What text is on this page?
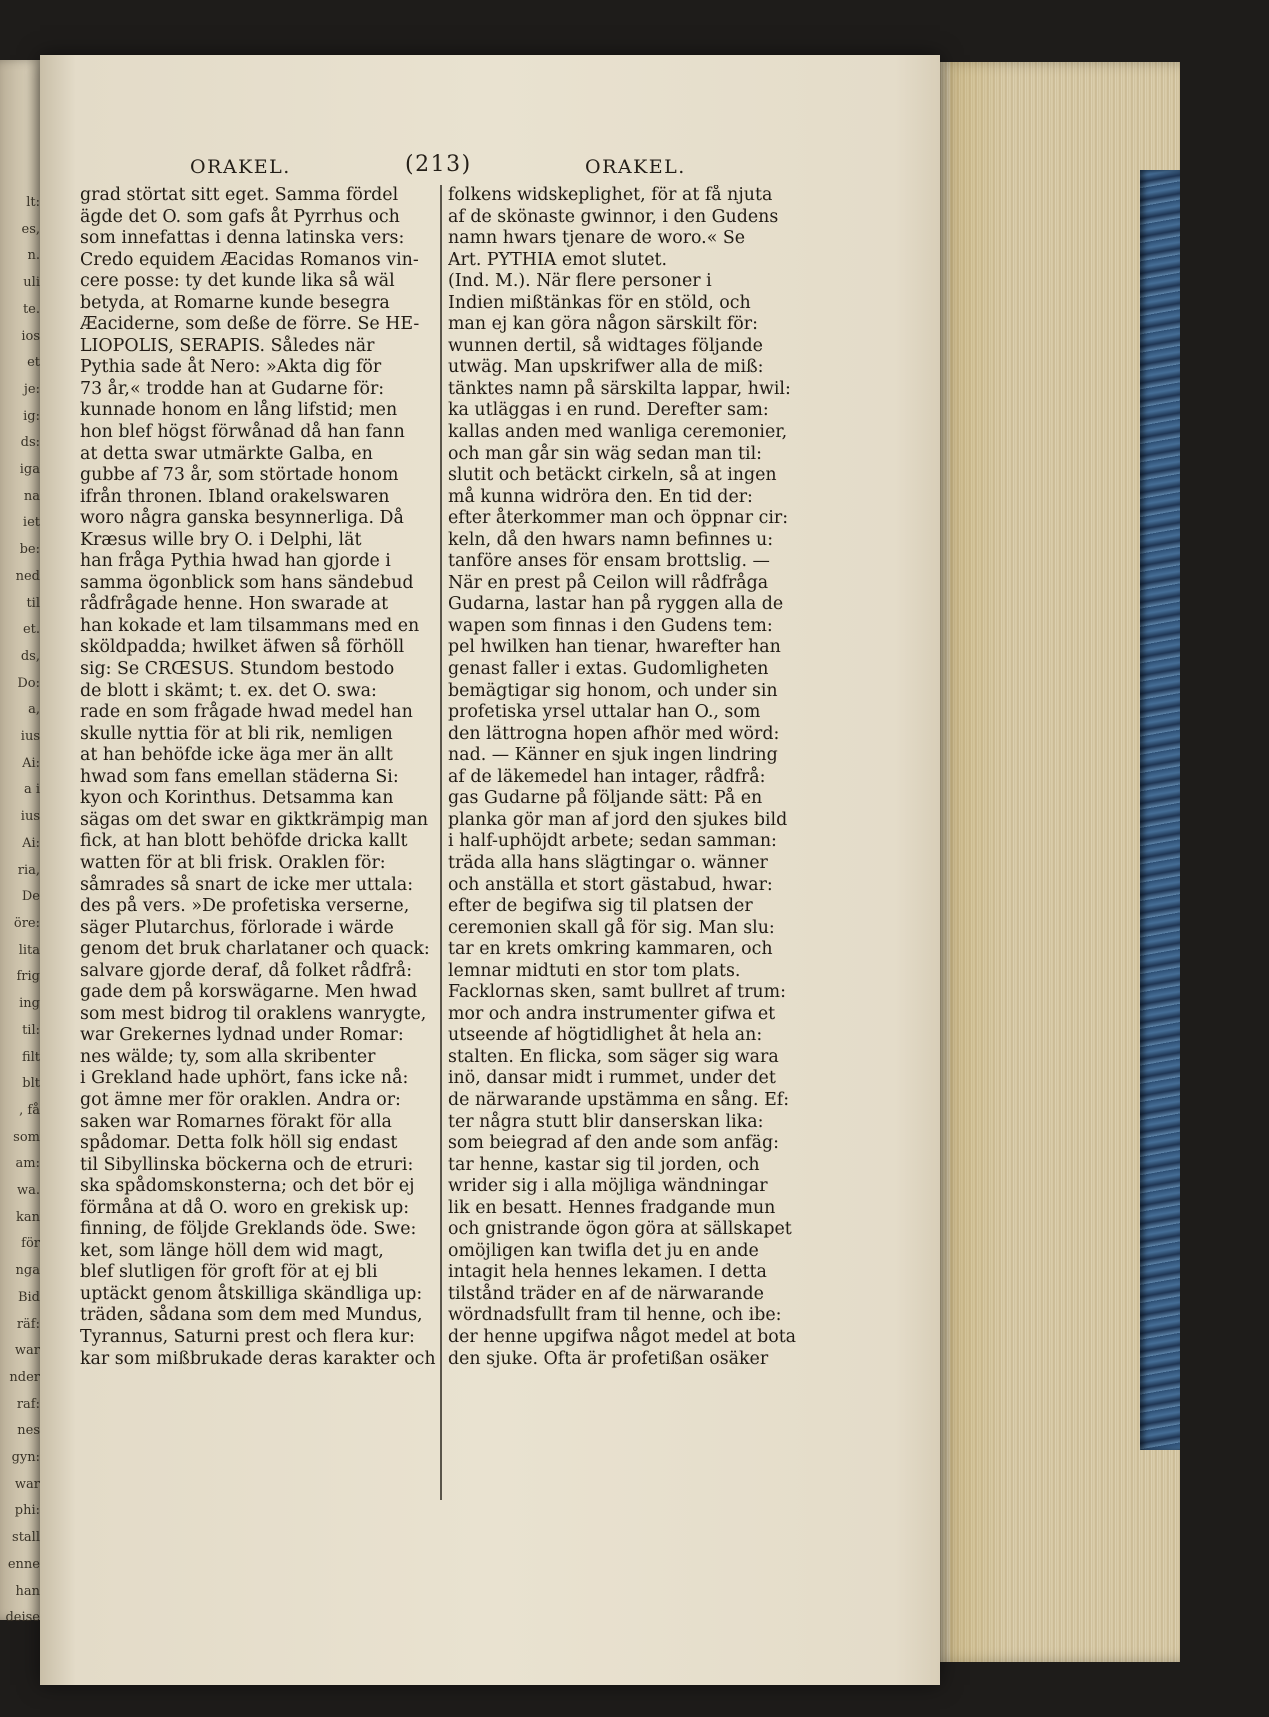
lt:
es,
n.
uli
te.
ios
et
je:
ig:
ds:
iga
na
iet
be:
ned
til
et.
ds,
Do:
a,
ius
Ai:
a i
ius
Ai:
ria,
De
öre:
lita
frig
ing
til:
filt
blt
, få
som
am:
wa.
kan
för
nga
Bid
räf:
war
nder
raf:
nes
gyn:
war
phi:
stall
enne
han
deise
ORAKEL.	(213)	ORAKEL.
grad störtat sitt eget. Samma fördel
ägde det O. som gafs åt Pyrrhus och
som innefattas i denna latinska vers:
Credo equidem Æacidas Romanos vin-
cere posse: ty det kunde lika så wäl
betyda, at Romarne kunde besegra
Æaciderne, som deße de förre. Se HE-
LIOPOLIS, SERAPIS. Således när
Pythia sade åt Nero: »Akta dig för
73 år,« trodde han at Gudarne för:
kunnade honom en lång lifstid; men
hon blef högst förwånad då han fann
at detta swar utmärkte Galba, en
gubbe af 73 år, som störtade honom
ifrån thronen. Ibland orakelswaren
woro några ganska besynnerliga. Då
Kræsus wille bry O. i Delphi, lät
han fråga Pythia hwad han gjorde i
samma ögonblick som hans sändebud
rådfrågade henne. Hon swarade at
han kokade et lam tilsammans med en
sköldpadda; hwilket äfwen så förhöll
sig: Se CRŒSUS. Stundom bestodo
de blott i skämt; t. ex. det O. swa:
rade en som frågade hwad medel han
skulle nyttia för at bli rik, nemligen
at han behöfde icke äga mer än allt
hwad som fans emellan städerna Si:
kyon och Korinthus. Detsamma kan
sägas om det swar en giktkrämpig man
fick, at han blott behöfde dricka kallt
watten för at bli frisk. Oraklen för:
såmrades så snart de icke mer uttala:
des på vers. »De profetiska verserne,
säger Plutarchus, förlorade i wärde
genom det bruk charlataner och quack:
salvare gjorde deraf, då folket rådfrå:
gade dem på korswägarne. Men hwad
som mest bidrog til oraklens wanrygte,
war Grekernes lydnad under Romar:
nes wälde; ty, som alla skribenter
i Grekland hade uphört, fans icke nå:
got ämne mer för oraklen. Andra or:
saken war Romarnes förakt för alla
spådomar. Detta folk höll sig endast
til Sibyllinska böckerna och de etruri:
ska spådomskonsterna; och det bör ej
förmåna at då O. woro en grekisk up:
finning, de följde Greklands öde. Swe:
ket, som länge höll dem wid magt,
blef slutligen för groft för at ej bli
uptäckt genom åtskilliga skändliga up:
träden, sådana som dem med Mundus,
Tyrannus, Saturni prest och flera kur:
kar som mißbrukade deras karakter och
folkens widskeplighet, för at få njuta
af de skönaste gwinnor, i den Gudens
namn hwars tjenare de woro.« Se
Art. PYTHIA emot slutet.
(Ind. M.). När flere personer i
Indien mißtänkas för en stöld, och
man ej kan göra någon särskilt för:
wunnen dertil, så widtages följande
utwäg. Man upskrifwer alla de miß:
tänktes namn på särskilta lappar, hwil:
ka utläggas i en rund. Derefter sam:
kallas anden med wanliga ceremonier,
och man går sin wäg sedan man til:
slutit och betäckt cirkeln, så at ingen
må kunna widröra den. En tid der:
efter återkommer man och öppnar cir:
keln, då den hwars namn befinnes u:
tanföre anses för ensam brottslig. —
När en prest på Ceilon will rådfråga
Gudarna, lastar han på ryggen alla de
wapen som finnas i den Gudens tem:
pel hwilken han tienar, hwarefter han
genast faller i extas. Gudomligheten
bemägtigar sig honom, och under sin
profetiska yrsel uttalar han O., som
den lättrogna hopen afhör med wörd:
nad. — Känner en sjuk ingen lindring
af de läkemedel han intager, rådfrå:
gas Gudarne på följande sätt: På en
planka gör man af jord den sjukes bild
i half-uphöjdt arbete; sedan samman:
träda alla hans slägtingar o. wänner
och anställa et stort gästabud, hwar:
efter de begifwa sig til platsen der
ceremonien skall gå för sig. Man slu:
tar en krets omkring kammaren, och
lemnar midtuti en stor tom plats.
Facklornas sken, samt bullret af trum:
mor och andra instrumenter gifwa et
utseende af högtidlighet åt hela an:
stalten. En flicka, som säger sig wara
inö, dansar midt i rummet, under det
de närwarande upstämma en sång. Ef:
ter några stutt blir danserskan lika:
som beiegrad af den ande som anfäg:
tar henne, kastar sig til jorden, och
wrider sig i alla möjliga wändningar
lik en besatt. Hennes fradgande mun
och gnistrande ögon göra at sällskapet
omöjligen kan twifla det ju en ande
intagit hela hennes lekamen. I detta
tilstånd träder en af de närwarande
wördnadsfullt fram til henne, och ibe:
der henne upgifwa något medel at bota
den sjuke. Ofta är profetißan osäker
